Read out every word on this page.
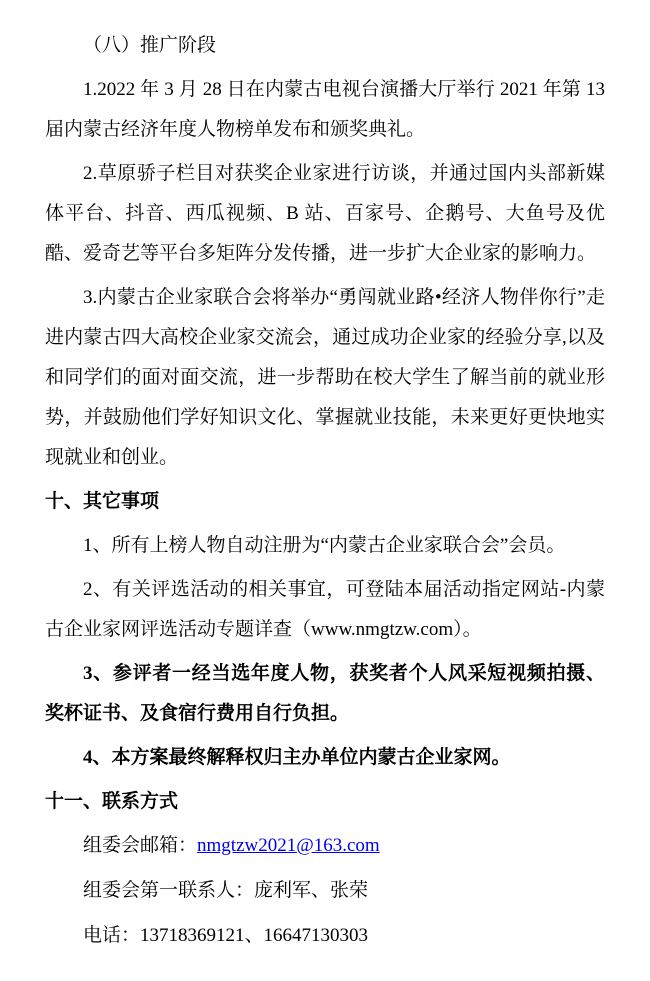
（八）推广阶段

1.2022 年 3 月 28 日在内蒙古电视台演播大厅举行 2021 年第 13 届内蒙古经济年度人物榜单发布和颁奖典礼。

2.草原骄子栏目对获奖企业家进行访谈，并通过国内头部新媒体平台、抖音、西瓜视频、B 站、百家号、企鹅号、大鱼号及优酷、爱奇艺等平台多矩阵分发传播，进一步扩大企业家的影响力。

3.内蒙古企业家联合会将举办“勇闯就业路•经济人物伴你行”走进内蒙古四大高校企业家交流会，通过成功企业家的经验分享,以及和同学们的面对面交流，进一步帮助在校大学生了解当前的就业形势，并鼓励他们学好知识文化、掌握就业技能，未来更好更快地实现就业和创业。

十、其它事项

1、所有上榜人物自动注册为“内蒙古企业家联合会”会员。

2、有关评选活动的相关事宜，可登陆本届活动指定网站-内蒙古企业家网评选活动专题详查（www.nmgtzw.com）。

3、参评者一经当选年度人物，获奖者个人风采短视频拍摄、奖杯证书、及食宿行费用自行负担。

4、本方案最终解释权归主办单位内蒙古企业家网。

十一、联系方式

组委会邮箱：nmgtzw2021@163.com

组委会第一联系人：庞利军、张荣

电话：13718369121、16647130303
